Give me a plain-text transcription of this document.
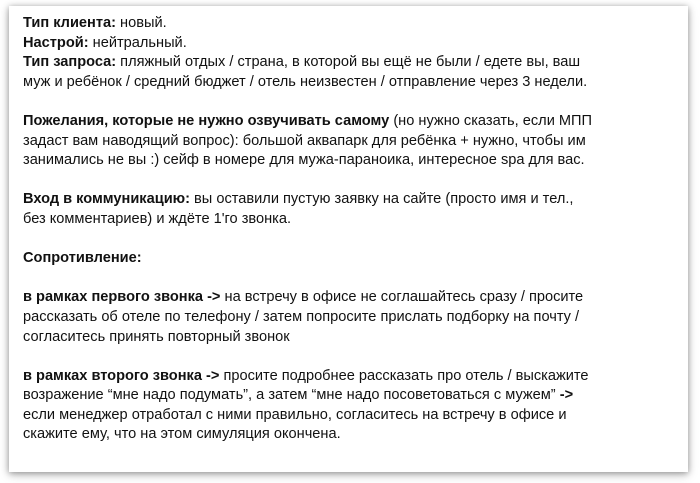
Тип клиента: новый.
Настрой: нейтральный.
Тип запроса: пляжный отдых / страна, в которой вы ещё не были / едете вы, ваш
муж и ребёнок / средний бюджет / отель неизвестен / отправление через 3 недели.
Пожелания, которые не нужно озвучивать самому (но нужно сказать, если МПП
задаст вам наводящий вопрос): большой аквапарк для ребёнка + нужно, чтобы им
занимались не вы :) сейф в номере для мужа-параноика, интересное spa для вас.
Вход в коммуникацию: вы оставили пустую заявку на сайте (просто имя и тел.,
без комментариев) и ждёте 1'го звонка.
Сопротивление:
в рамках первого звонка -> на встречу в офисе не соглашайтесь сразу / просите
рассказать об отеле по телефону / затем попросите прислать подборку на почту /
согласитесь принять повторный звонок
в рамках второго звонка -> просите подробнее рассказать про отель / выскажите
возражение “мне надо подумать”, а затем “мне надо посоветоваться с мужем” ->
если менеджер отработал с ними правильно, согласитесь на встречу в офисе и
скажите ему, что на этом симуляция окончена.
